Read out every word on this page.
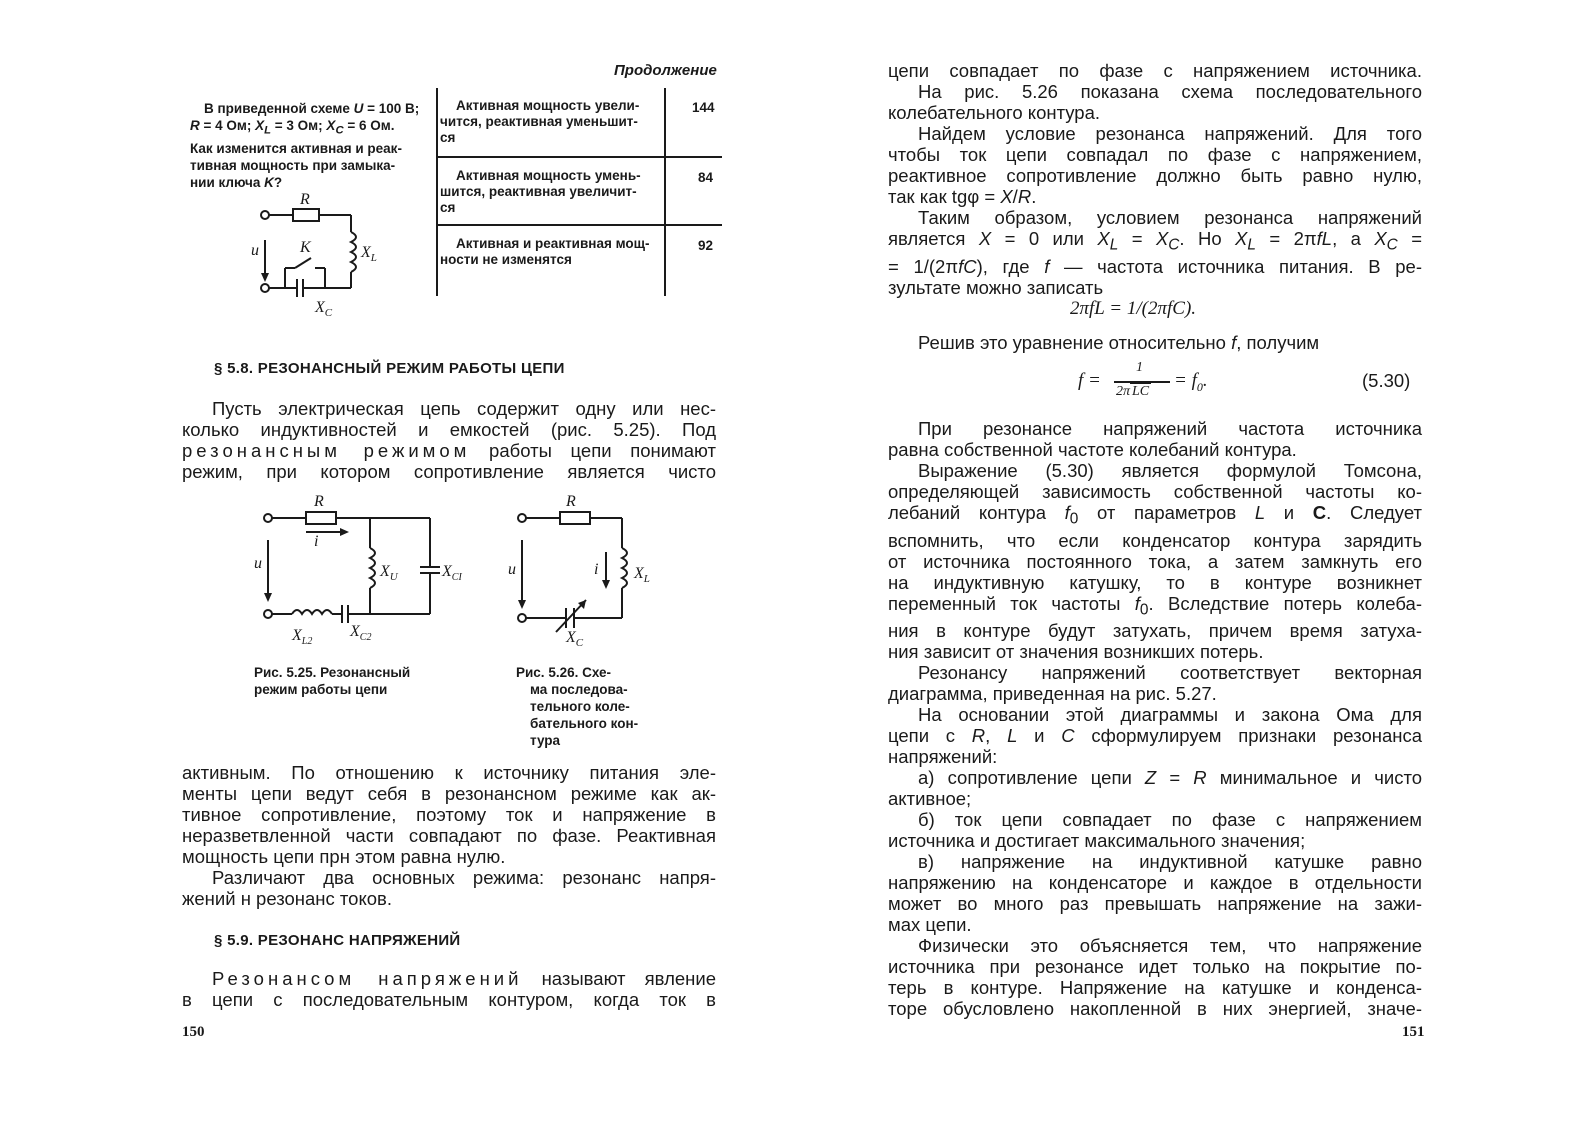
Продолжение
В приведенной схеме U = 100 В;
R = 4 Ом; $X_L = 3$ Ом; $X_C = 6$ Ом.
Как изменится активная и реак-
тивная мощность при замыка-
нии ключа K?
R
u	K	$X_L$
$X_C$
Активная мощность увели-
чится, реактивная уменьшит-
ся
144
Активная мощность умень-
шится, реактивная увеличит-
ся
84
Активная и реактивная мощ-
ности не изменятся
92
§ 5.8. РЕЗОНАНСНЫЙ РЕЖИМ РАБОТЫ ЦЕПИ
Пусть электрическая цепь содержит одну или нес-
колько индуктивностей и емкостей (рис. 5.25). Под
резонансным режимом работы цепи понимают
режим, при котором сопротивление является чисто
R
i
u	$X_U$	$X_{CI}$
$X_{L2}$
$X_{C2}$
Рис. 5.25. Резонансный
режим работы цепи
R
u	i $X_L$
$X_C$
Рис. 5.26. Схе-
ма последова-
тельного коле-
бательного кон-
тура
активным. По отношению к источнику питания эле-
менты цепи ведут себя в резонансном режиме как ак-
тивное сопротивление, поэтому ток и напряжение в
неразветвленной части совпадают по фазе. Реактивная
мощность цепи прн этом равна нулю.
Различают два основных режима: резонанс напря-
жений н резонанс токов.
§ 5.9. РЕЗОНАНС НАПРЯЖЕНИЙ
Резонансом напряжений называют явление
в цепи с последовательным контуром, когда ток в
150
цепи совпадает по фазе с напряжением источника.
На рис. 5.26 показана схема последовательного
колебательного контура.
Найдем условие резонанса напряжений. Для того
чтобы ток цепи совпадал по фазе с напряжением,
реактивное сопротивление должно быть равно нулю,
так как tgφ = X/R.
Таким образом, условием резонанса напряжений
является X = 0 или $X_L = X_C$. Но $X_L = 2\pi fL$, а $X_C$ =
= 1/(2πfC), где f — частота источника питания. В ре-
зультате можно записать
2πfL = 1/(2πfC).
Решив это уравнение относительно f, получим
f =
1
2π LC
= $f_0$.	(5.30)
При резонансе напряжений частота источника
равна собственной частоте колебаний контура.
Выражение (5.30) является формулой Томсона,
определяющей зависимость собственной частоты ко-
лебаний контура $f_0$ от параметров L и C. Следует
вспомнить, что если конденсатор контура зарядить
от источника постоянного тока, а затем замкнуть его
на индуктивную катушку, то в контуре возникнет
переменный ток частоты $f_0$. Вследствие потерь колеба-
ния в контуре будут затухать, причем время затуха-
ния зависит от значения возникших потерь.
Резонансу напряжений соответствует векторная
диаграмма, приведенная на рис. 5.27.
На основании этой диаграммы и закона Ома для
цепи с R, L и C сформулируем признаки резонанса
напряжений:
а) сопротивление цепи Z = R минимальное и чисто
активное;
б) ток цепи совпадает по фазе с напряжением
источника и достигает максимального значения;
в) напряжение на индуктивной катушке равно
напряжению на конденсаторе и каждое в отдельности
может во много раз превышать напряжение на зажи-
мах цепи.
Физически это объясняется тем, что напряжение
источника при резонансе идет только на покрытие по-
терь в контуре. Напряжение на катушке и конденса-
торе обусловлено накопленной в них энергией, значе-
151
